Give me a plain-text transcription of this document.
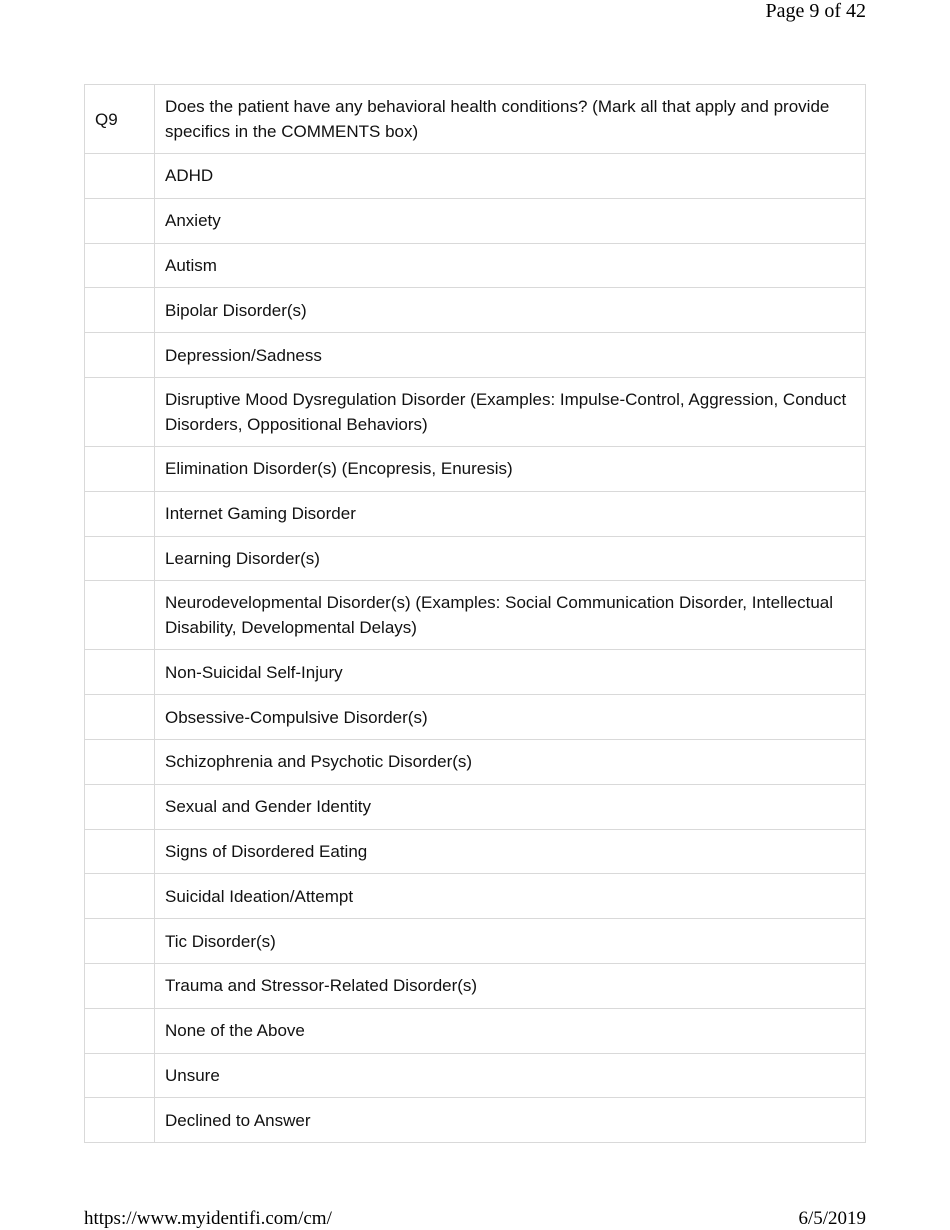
Page 9 of 42
Q9	Does the patient have any behavioral health conditions? (Mark all that apply and provide specifics in the COMMENTS box)
	ADHD
	Anxiety
	Autism
	Bipolar Disorder(s)
	Depression/Sadness
	Disruptive Mood Dysregulation Disorder (Examples: Impulse-Control, Aggression, Conduct Disorders, Oppositional Behaviors)
	Elimination Disorder(s) (Encopresis, Enuresis)
	Internet Gaming Disorder
	Learning Disorder(s)
	Neurodevelopmental Disorder(s) (Examples: Social Communication Disorder, Intellectual Disability, Developmental Delays)
	Non-Suicidal Self-Injury
	Obsessive-Compulsive Disorder(s)
	Schizophrenia and Psychotic Disorder(s)
	Sexual and Gender Identity
	Signs of Disordered Eating
	Suicidal Ideation/Attempt
	Tic Disorder(s)
	Trauma and Stressor-Related Disorder(s)
	None of the Above
	Unsure
	Declined to Answer
https://www.myidentifi.com/cm/	6/5/2019
